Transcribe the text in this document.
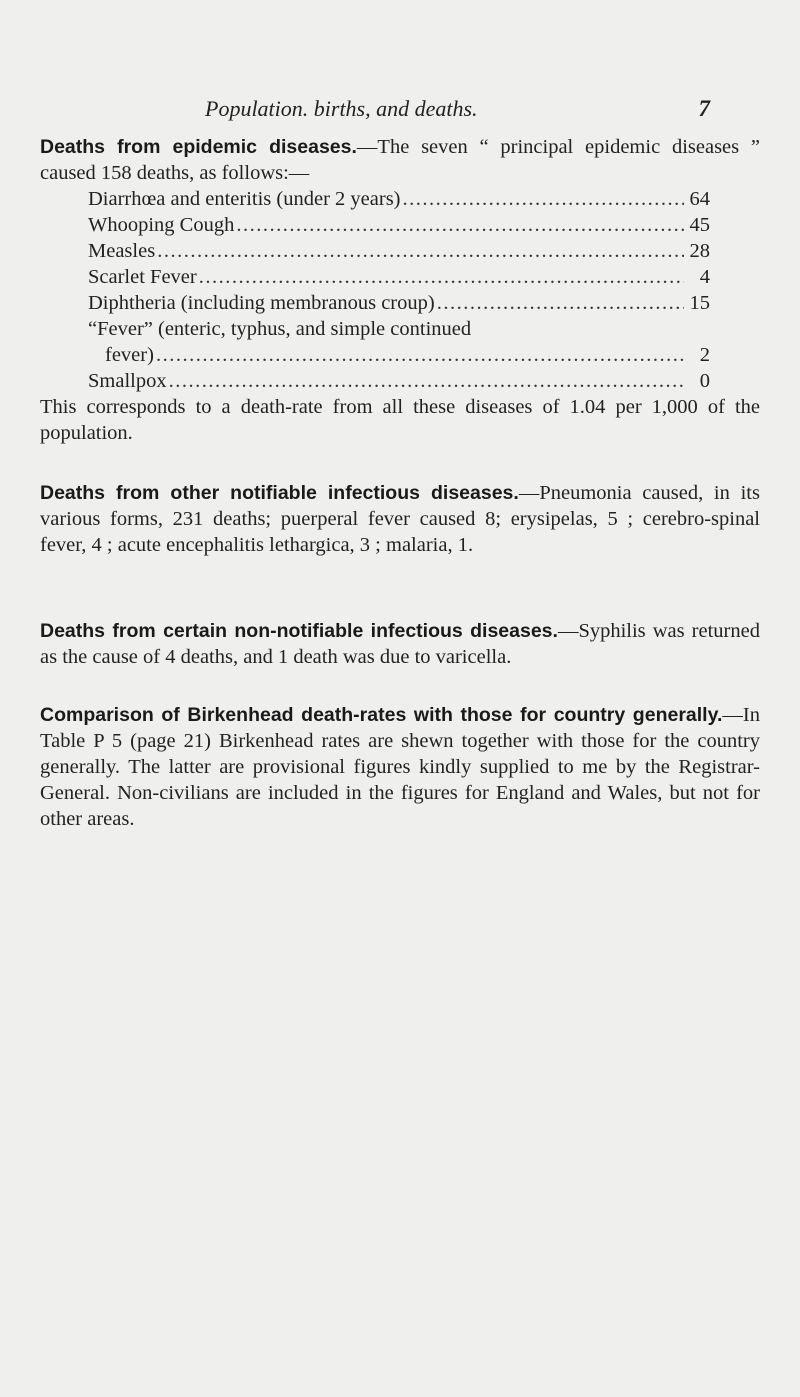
Population. births, and deaths.	7

Deaths from epidemic diseases.—The seven “ principal epidemic diseases ” caused 158 deaths, as follows:—

Diarrhœa and enteritis (under 2 years) .....	64
Whooping Cough .....	45
Measles .....	28
Scarlet Fever .....	4
Diphtheria (including membranous croup) .....	15
“Fever” (enteric, typhus, and simple continued
fever) .....	2
Smallpox .....	0

This corresponds to a death-rate from all these diseases of 1.04 per 1,000 of the population.

Deaths from other notifiable infectious diseases.—Pneumonia caused, in its various forms, 231 deaths; puerperal fever caused 8; erysipelas, 5 ; cerebro-spinal fever, 4 ; acute encephalitis lethargica, 3 ; malaria, 1.

Deaths from certain non-notifiable infectious diseases.—Syphilis was returned as the cause of 4 deaths, and 1 death was due to varicella.

Comparison of Birkenhead death-rates with those for country generally.—In Table P 5 (page 21) Birkenhead rates are shewn together with those for the country generally. The latter are provisional figures kindly supplied to me by the Registrar-General. Non-civilians are included in the figures for England and Wales, but not for other areas.
